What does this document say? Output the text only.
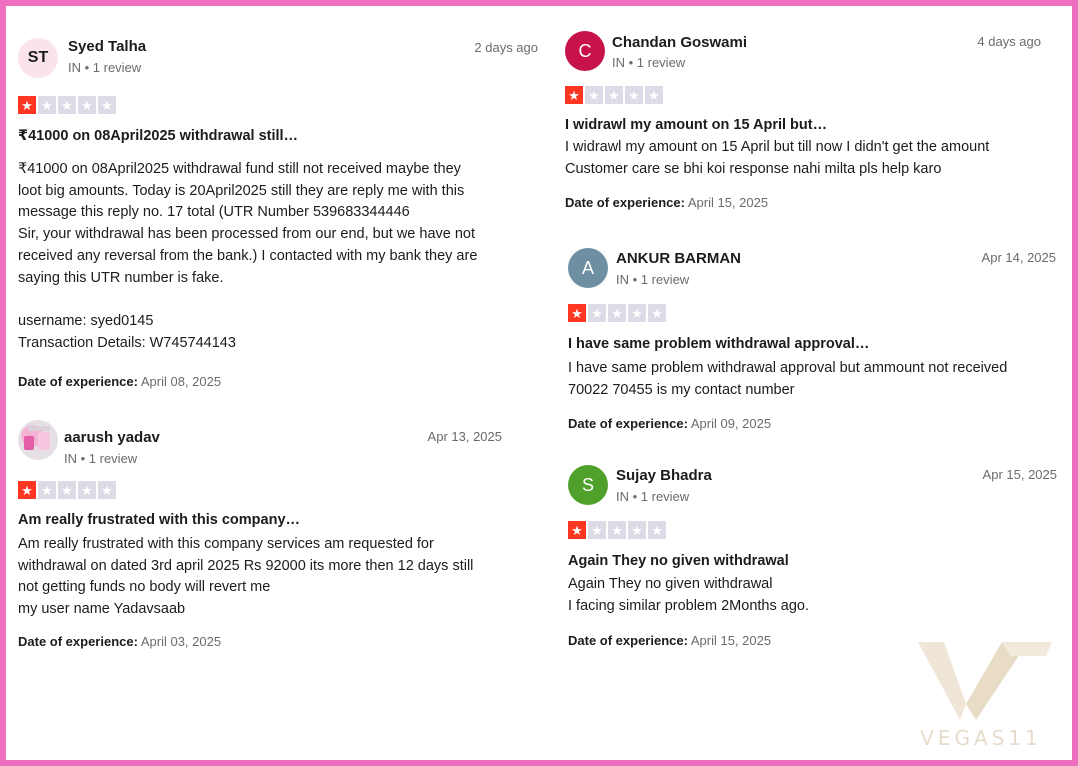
ST
Syed Talha
IN • 1 review
2 days ago
★ ★ ★ ★ ★
₹41000 on 08April2025 withdrawal still…

₹41000 on 08April2025 withdrawal fund still not received maybe they

loot big amounts. Today is 20April2025 still they are reply me with this

message this reply no. 17 total (UTR Number 539683344446

Sir, your withdrawal has been processed from our end, but we have not

received any reversal from the bank.) I contacted with my bank they are

saying this UTR number is fake.

username: syed0145

Transaction Details: W745744143

Date of experience: April 08, 2025
aarush yadav
IN • 1 review
Apr 13, 2025
★ ★ ★ ★ ★
Am really frustrated with this company…

Am really frustrated with this company services am requested for

withdrawal on dated 3rd april 2025 Rs 92000 its more then 12 days still

not getting funds no body will revert me

my user name Yadavsaab

Date of experience: April 03, 2025
C	Chandan Goswami
IN • 1 review
4 days ago
★ ★ ★ ★ ★
I widrawl my amount on 15 April but…

I widrawl my amount on 15 April but till now I didn't get the amount

Customer care se bhi koi response nahi milta pls help karo

Date of experience: April 15, 2025
A	ANKUR BARMAN
IN • 1 review
Apr 14, 2025
★ ★ ★ ★ ★
I have same problem withdrawal approval…

I have same problem withdrawal approval but ammount not received

70022 70455 is my contact number

Date of experience: April 09, 2025
S	Sujay Bhadra
IN • 1 review
Apr 15, 2025
★ ★ ★ ★ ★
Again They no given withdrawal

Again They no given withdrawal

I facing similar problem 2Months ago.

Date of experience: April 15, 2025
VEGAS11
